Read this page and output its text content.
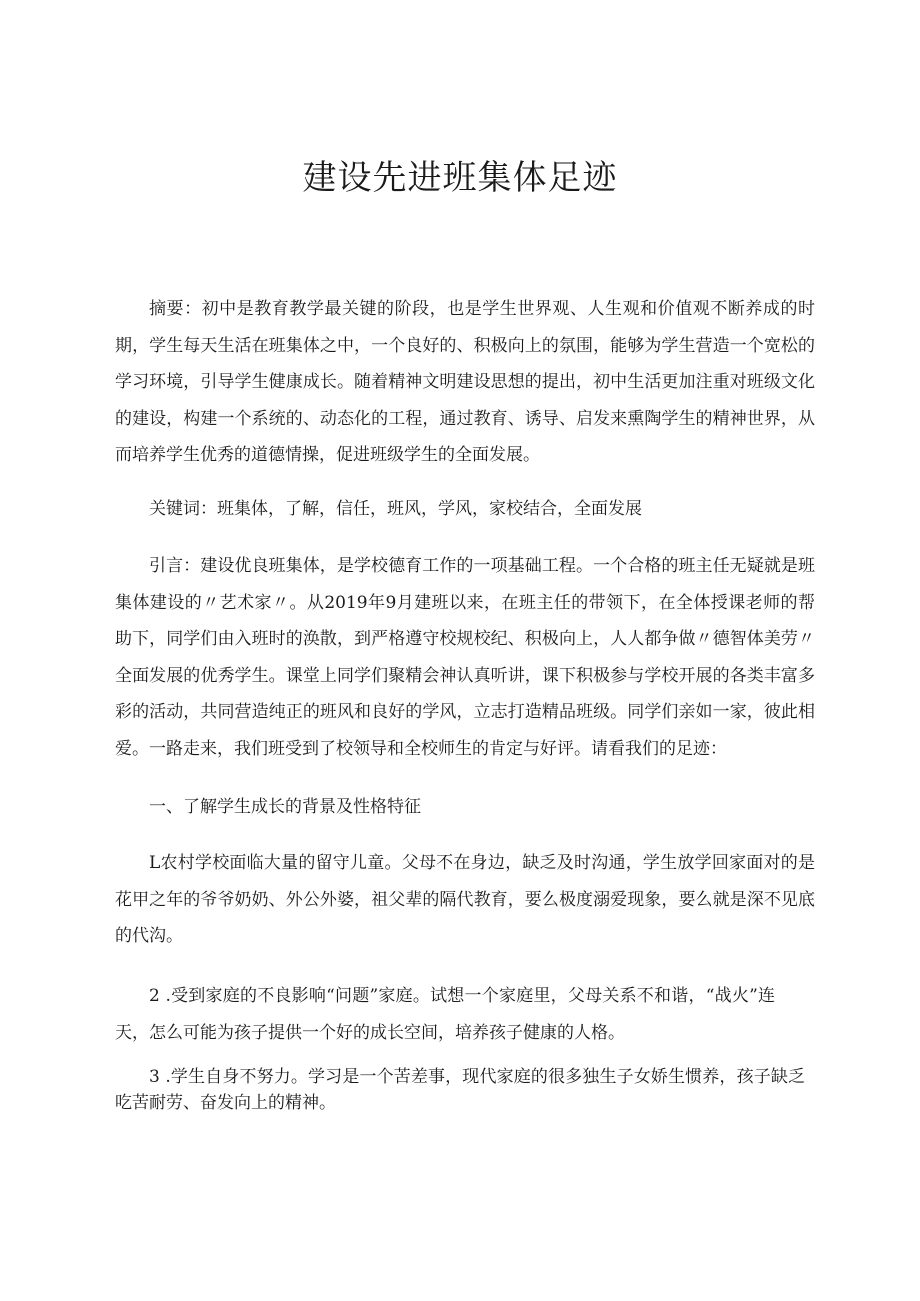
建设先进班集体足迹

摘要：初中是教育教学最关键的阶段，也是学生世界观、人生观和价值观不断养成的时期，学生每天生活在班集体之中，一个良好的、积极向上的氛围，能够为学生营造一个宽松的学习环境，引导学生健康成长。随着精神文明建设思想的提出，初中生活更加注重对班级文化的建设，构建一个系统的、动态化的工程，通过教育、诱导、启发来熏陶学生的精神世界，从而培养学生优秀的道德情操，促进班级学生的全面发展。

关键词：班集体，了解，信任，班风，学风，家校结合，全面发展

引言：建设优良班集体，是学校德育工作的一项基础工程。一个合格的班主任无疑就是班集体建设的〃艺术家〃。从2019年9月建班以来，在班主任的带领下，在全体授课老师的帮助下，同学们由入班时的涣散，到严格遵守校规校纪、积极向上，人人都争做〃德智体美劳〃全面发展的优秀学生。课堂上同学们聚精会神认真听讲，课下积极参与学校开展的各类丰富多彩的活动，共同营造纯正的班风和良好的学风，立志打造精品班级。同学们亲如一家，彼此相爱。一路走来，我们班受到了校领导和全校师生的肯定与好评。请看我们的足迹：

一、了解学生成长的背景及性格特征

L农村学校面临大量的留守儿童。父母不在身边，缺乏及时沟通，学生放学回家面对的是花甲之年的爷爷奶奶、外公外婆，祖父辈的隔代教育，要么极度溺爱现象，要么就是深不见底的代沟。

2 .受到家庭的不良影响“问题”家庭。试想一个家庭里，父母关系不和谐，“战火”连天，怎么可能为孩子提供一个好的成长空间，培养孩子健康的人格。

3 .学生自身不努力。学习是一个苦差事，现代家庭的很多独生子女娇生惯养，孩子缺乏吃苦耐劳、奋发向上的精神。
